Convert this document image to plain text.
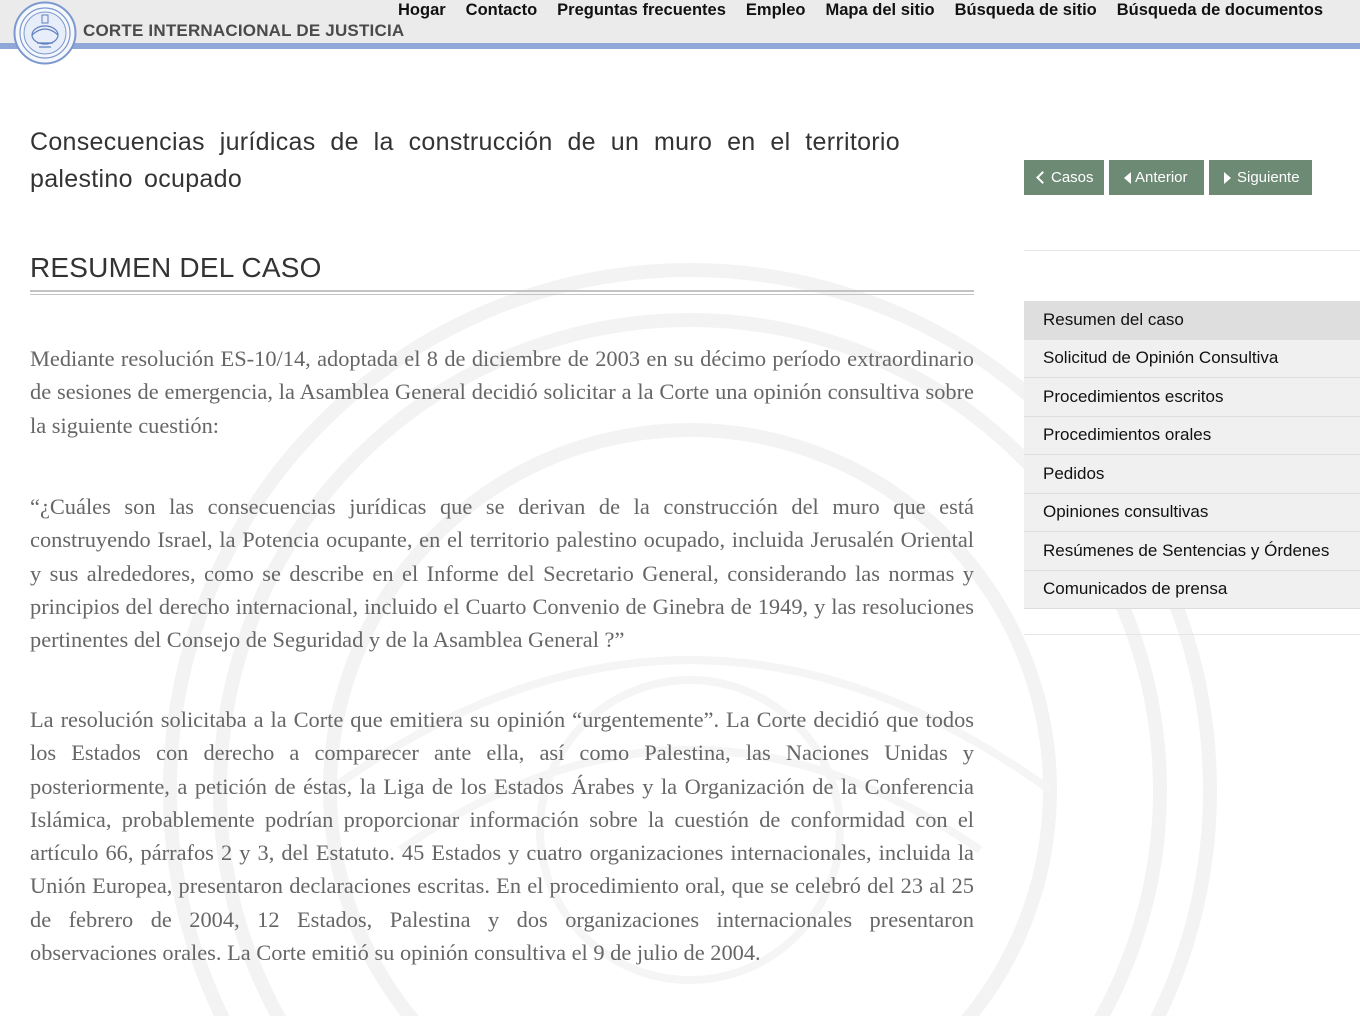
CORTE INTERNACIONAL DE JUSTICIA
Hogar Contacto Preguntas frecuentes Empleo Mapa del sitio Búsqueda de sitio Búsqueda de documentos
Consecuencias jurídicas de la construcción de un muro en el territorio palestino ocupado
RESUMEN DEL CASO

Mediante resolución ES-10/14, adoptada el 8 de diciembre de 2003 en su décimo período extraordinario de sesiones de emergencia, la Asamblea General decidió solicitar a la Corte una opinión consultiva sobre la siguiente cuestión:

“¿Cuáles son las consecuencias jurídicas que se derivan de la construcción del muro que está construyendo Israel, la Potencia ocupante, en el territorio palestino ocupado, incluida Jerusalén Oriental y sus alrededores, como se describe en el Informe del Secretario General, considerando las normas y principios del derecho internacional, incluido el Cuarto Convenio de Ginebra de 1949, y las resoluciones pertinentes del Consejo de Seguridad y de la Asamblea General ?”

La resolución solicitaba a la Corte que emitiera su opinión “urgentemente”. La Corte decidió que todos los Estados con derecho a comparecer ante ella, así como Palestina, las Naciones Unidas y posteriormente, a petición de éstas, la Liga de los Estados Árabes y la Organización de la Conferencia Islámica, probablemente podrían proporcionar información sobre la cuestión de conformidad con el artículo 66, párrafos 2 y 3, del Estatuto. 45 Estados y cuatro organizaciones internacionales, incluida la Unión Europea, presentaron declaraciones escritas. En el procedimiento oral, que se celebró del 23 al 25 de febrero de 2004, 12 Estados, Palestina y dos organizaciones internacionales presentaron observaciones orales. La Corte emitió su opinión consultiva el 9 de julio de 2004.

Casos	Anterior	Siguiente
Resumen del caso
Solicitud de Opinión Consultiva
Procedimientos escritos
Procedimientos orales
Pedidos
Opiniones consultivas
Resúmenes de Sentencias y Órdenes
Comunicados de prensa
